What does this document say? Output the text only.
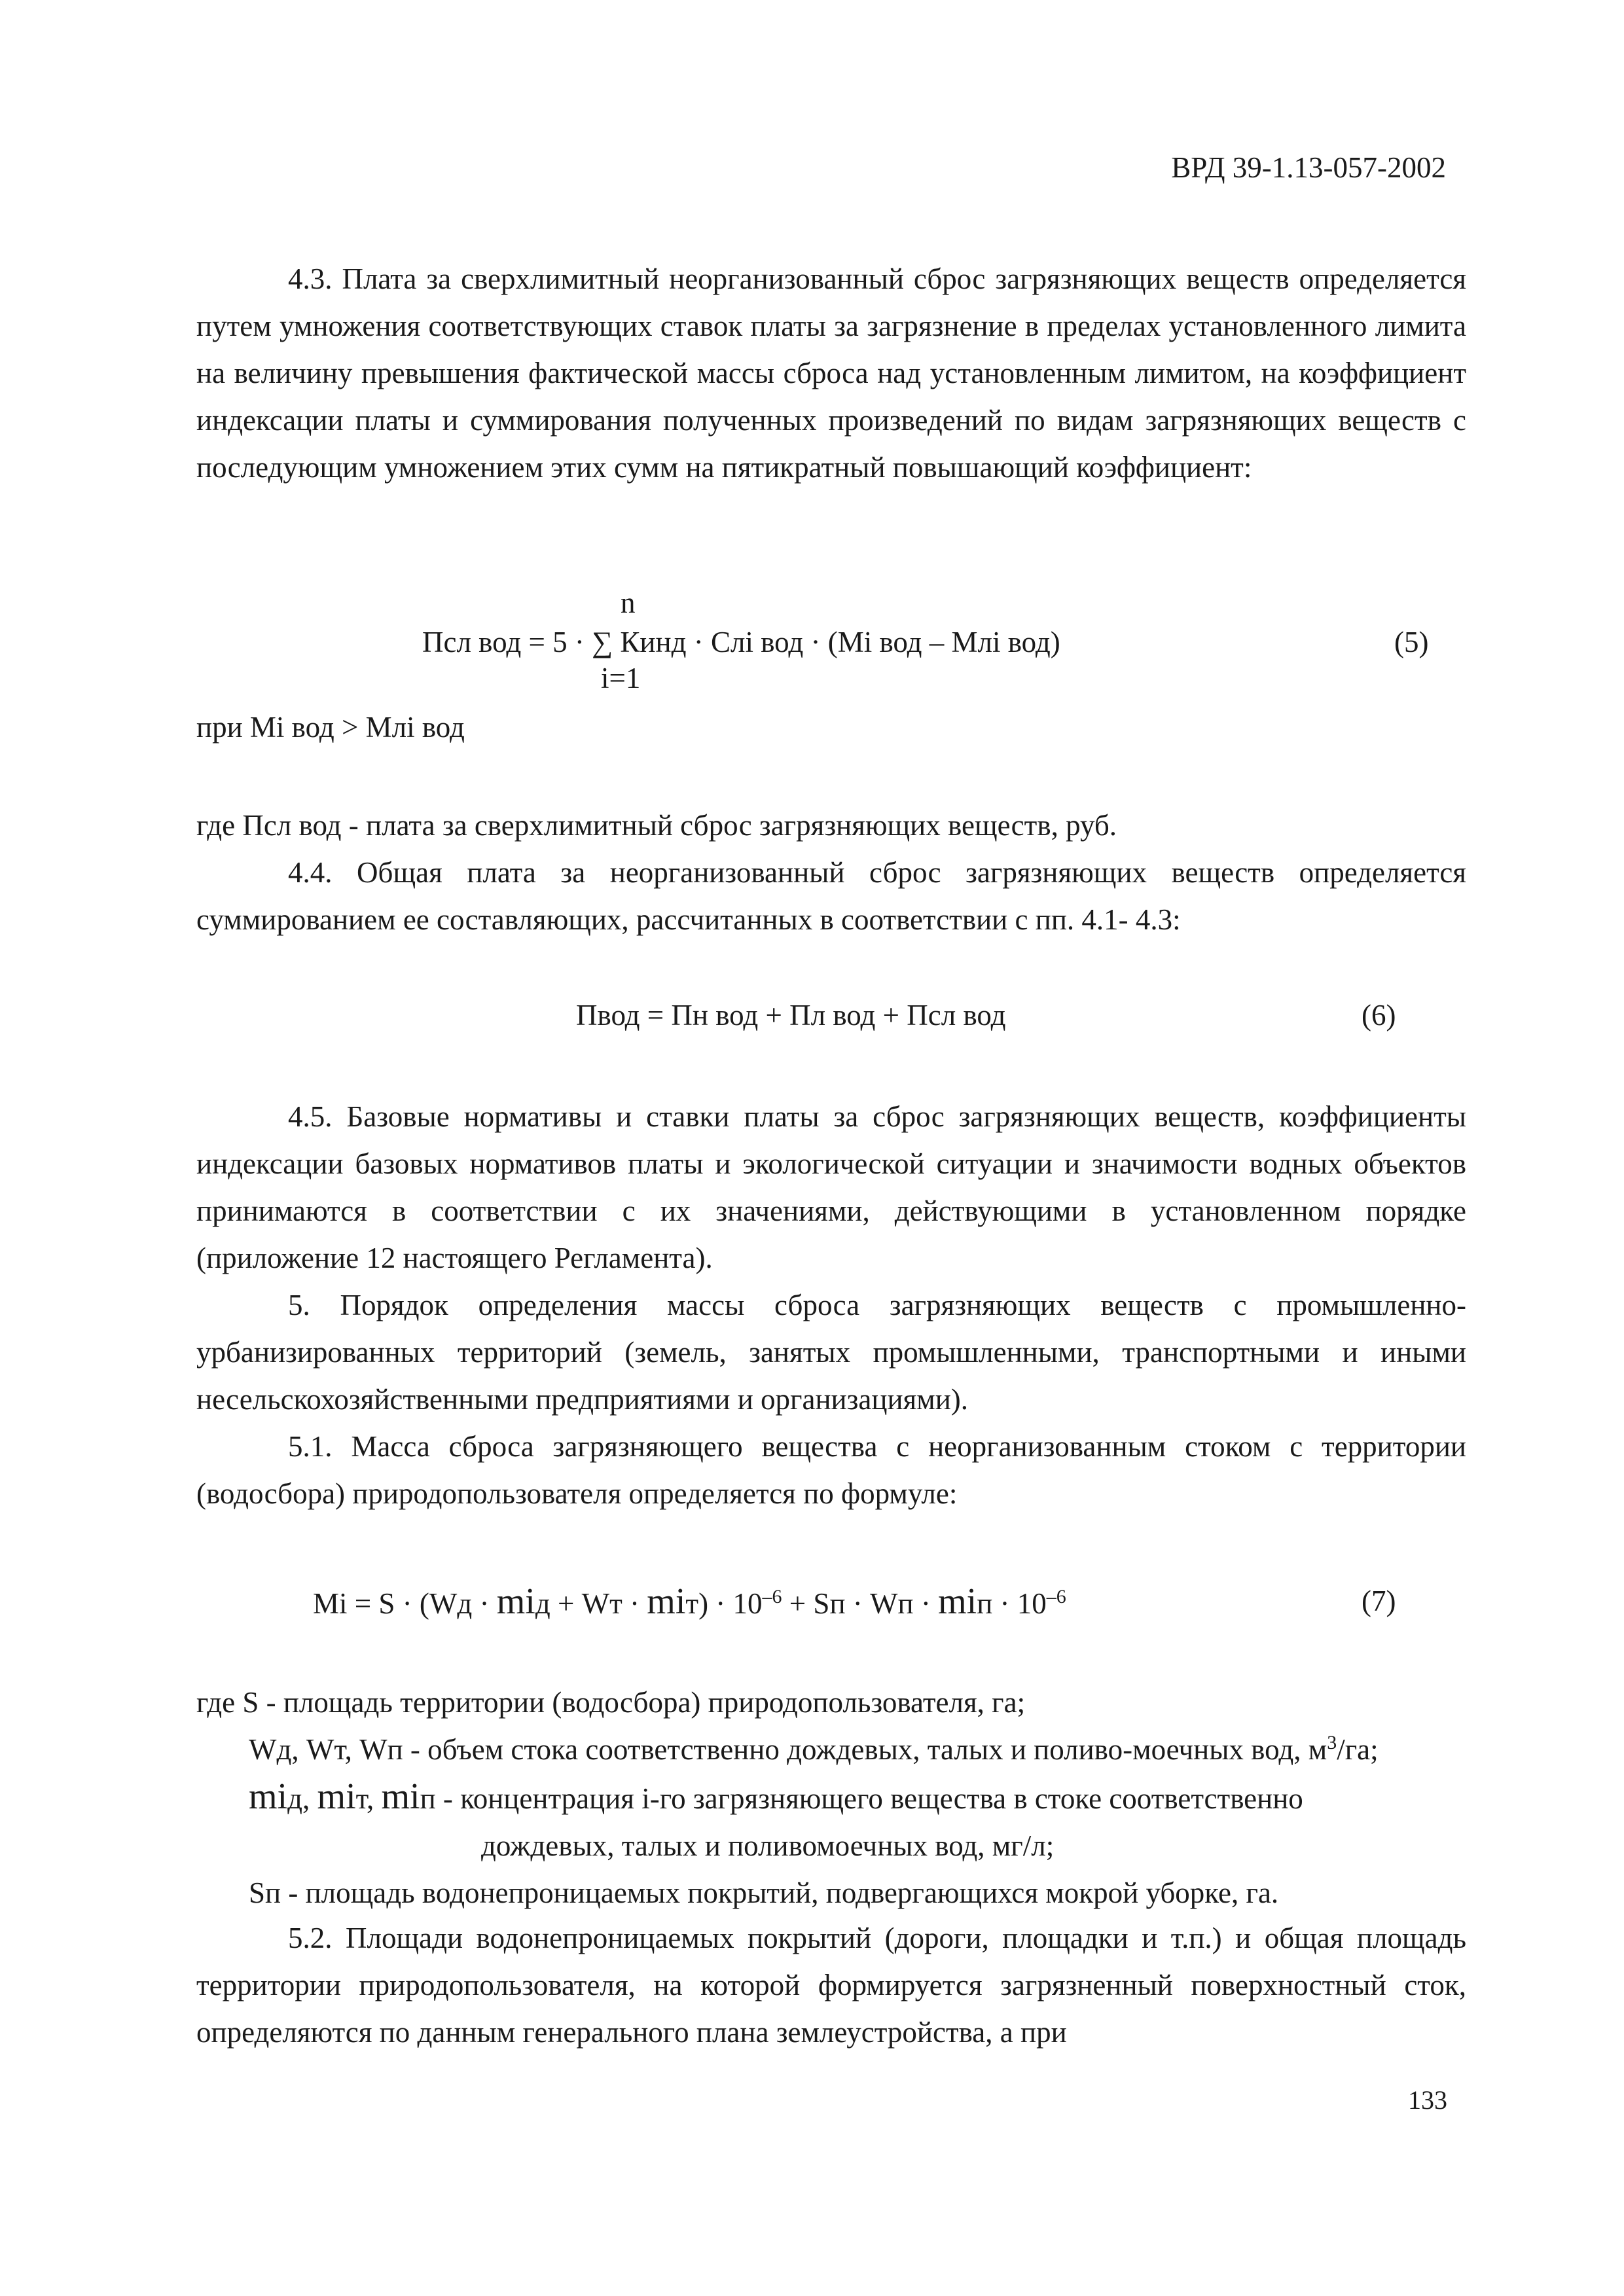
ВРД 39-1.13-057-2002

4.3. Плата за сверхлимитный неорганизованный сброс загрязняющих веществ определяется путем умножения соответствующих ставок платы за загрязнение в пределах установленного лимита на величину превышения фактической массы сброса над установленным лимитом, на коэффициент индексации платы и суммирования полученных произведений по видам загрязняющих веществ с последующим умножением этих сумм на пятикратный повышающий коэффициент:

n
Псл вод = 5 · ∑ Кинд · Слi вод · (Мi вод – Млi вод)	(5)
i=1

при Мi вод > Млi вод

где Псл вод - плата за сверхлимитный сброс загрязняющих веществ, руб.

4.4. Общая плата за неорганизованный сброс загрязняющих веществ определяется суммированием ее составляющих, рассчитанных в соответствии с пп. 4.1- 4.3:

Пвод = Пн вод + Пл вод + Псл вод	(6)

4.5. Базовые нормативы и ставки платы за сброс загрязняющих веществ, коэффициенты индексации базовых нормативов платы и экологической ситуации и значимости водных объектов принимаются в соответствии с их значениями, действующими в установленном порядке (приложение 12 настоящего Регламента).

5. Порядок определения массы сброса загрязняющих веществ с промышленно-урбанизированных территорий (земель, занятых промышленными, транспортными и иными несельскохозяйственными предприятиями и организациями).

5.1. Масса сброса загрязняющего вещества с неорганизованным стоком с территории (водосбора) природопользователя определяется по формуле:

Мi = S · (Wд · miд + Wт · $miт) \cdot 10^{-6}$ + Sп · Wп · miп · $10^{-6}$	(7)
где S - площадь территории (водосбора) природопользователя, га;
Wд, Wт, Wп - объем стока соответственно дождевых, талых и поливо-моечных вод, $м^3/га$;
miд, miт, miп - концентрация i-го загрязняющего вещества в стоке соответственно
дождевых, талых и поливомоечных вод, мг/л;
Sп - площадь водонепроницаемых покрытий, подвергающихся мокрой уборке, га.

5.2. Площади водонепроницаемых покрытий (дороги, площадки и т.п.) и общая площадь территории природопользователя, на которой формируется загрязненный поверхностный сток, определяются по данным генерального плана землеустройства, а при

133
